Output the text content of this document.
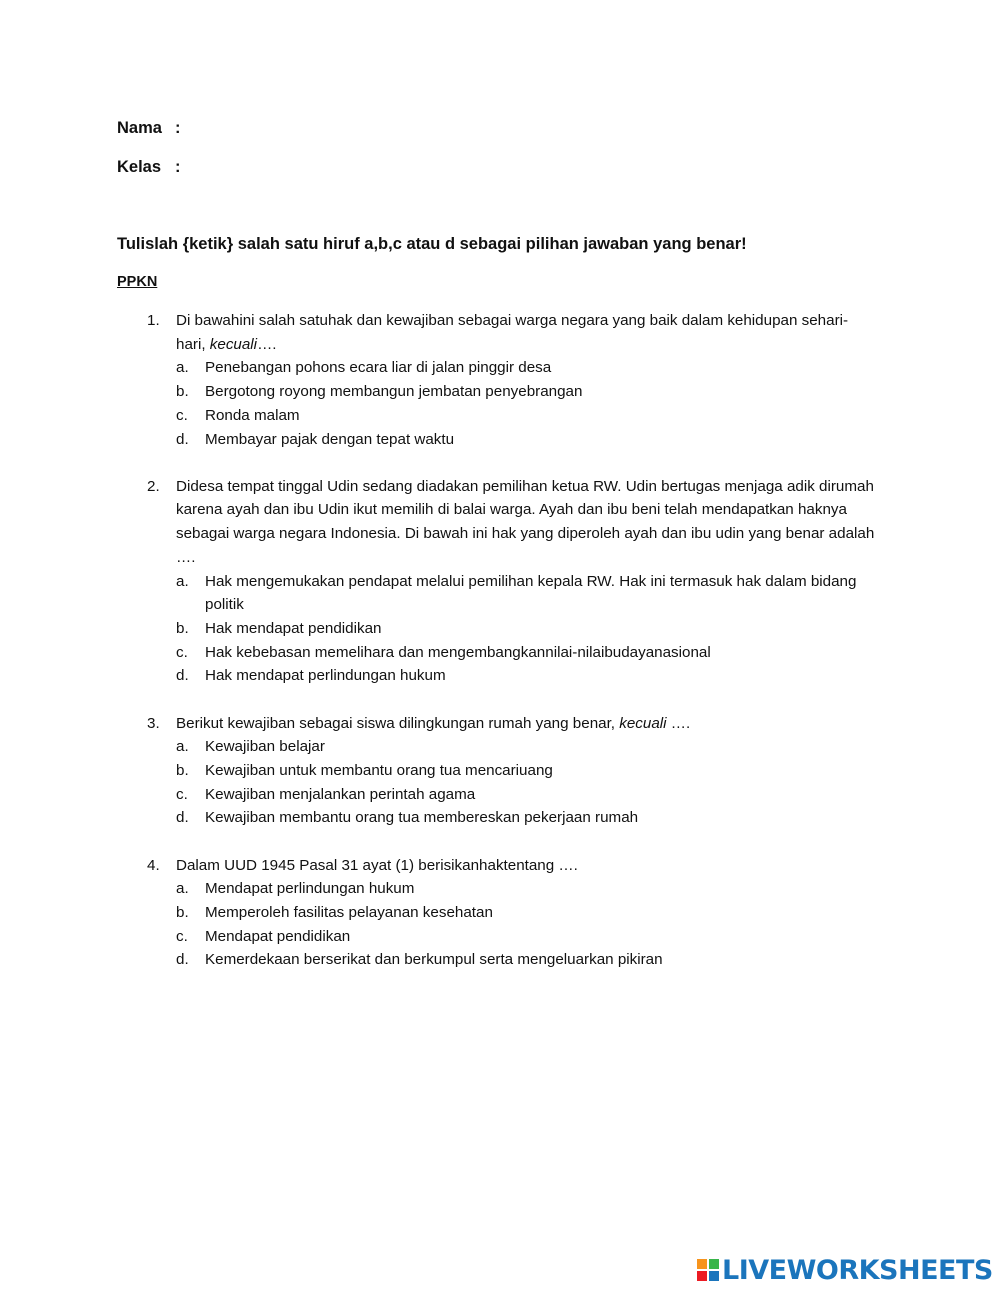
Nama :
Kelas :
Tulislah {ketik} salah satu hiruf a,b,c atau d sebagai pilihan jawaban yang benar!
PPKN
1. Di bawahini salah satuhak dan kewajiban sebagai warga negara yang baik dalam kehidupan sehari-hari, kecuali….
a. Penebangan pohons ecara liar di jalan pinggir desa
b. Bergotong royong membangun jembatan penyebrangan
c. Ronda malam
d. Membayar pajak dengan tepat waktu
2. Didesa tempat tinggal Udin sedang diadakan pemilihan ketua RW. Udin bertugas menjaga adik dirumah karena ayah dan ibu Udin ikut memilih di balai warga. Ayah dan ibu beni telah mendapatkan haknya sebagai warga negara Indonesia. Di bawah ini hak yang diperoleh ayah dan ibu udin yang benar adalah ….
a. Hak mengemukakan pendapat melalui pemilihan kepala RW. Hak ini termasuk hak dalam bidang politik
b. Hak mendapat pendidikan
c. Hak kebebasan memelihara dan mengembangkannilai-nilaibudayanasional
d. Hak mendapat perlindungan hukum
3. Berikut kewajiban sebagai siswa dilingkungan rumah yang benar, kecuali ….
a. Kewajiban belajar
b. Kewajiban untuk membantu orang tua mencariuang
c. Kewajiban menjalankan perintah agama
d. Kewajiban membantu orang tua membereskan pekerjaan rumah
4. Dalam UUD 1945 Pasal 31 ayat (1) berisikanhaktentang ….
a. Mendapat perlindungan hukum
b. Memperoleh fasilitas pelayanan kesehatan
c. Mendapat pendidikan
d. Kemerdekaan berserikat dan berkumpul serta mengeluarkan pikiran
LIVEWORKSHEETS
